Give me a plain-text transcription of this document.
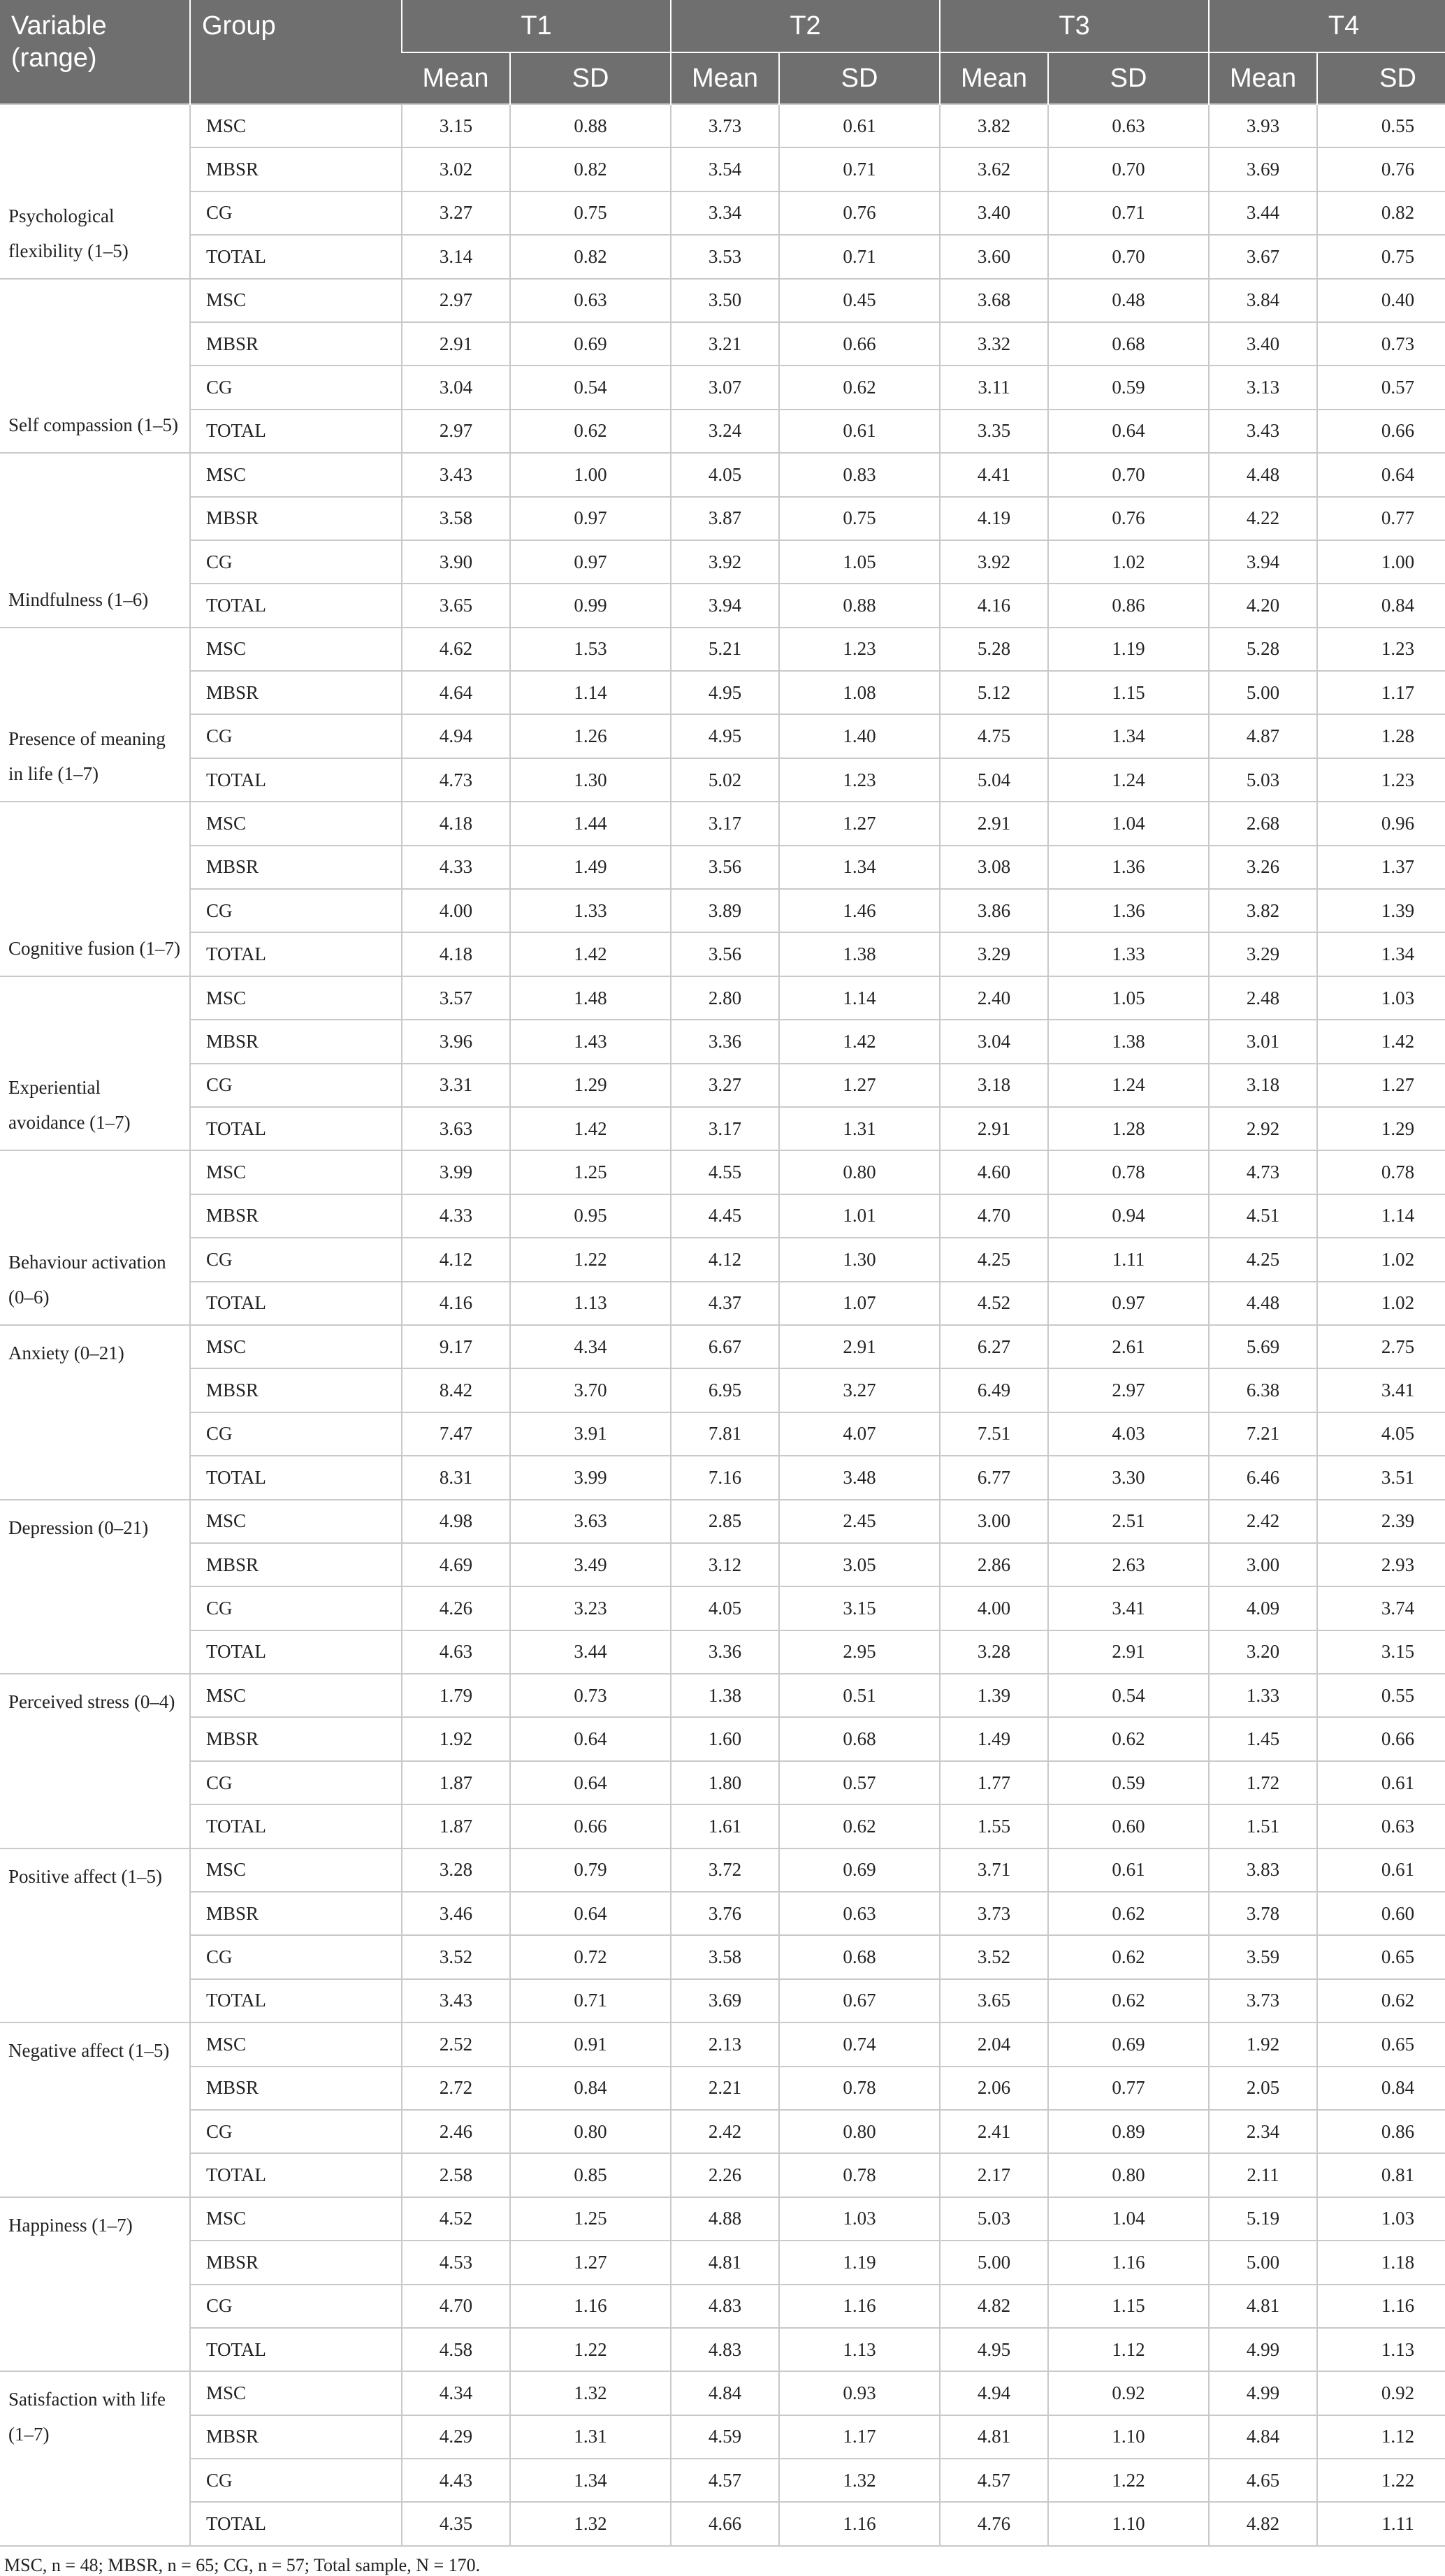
Variable (range)	Group	T1		T2		T3		T4	
		Mean	SD	Mean	SD	Mean	SD	Mean	SD
Psychological flexibility (1–5)	MSC	3.15	0.88	3.73	0.61	3.82	0.63	3.93	0.55
	MBSR	3.02	0.82	3.54	0.71	3.62	0.70	3.69	0.76
	CG	3.27	0.75	3.34	0.76	3.40	0.71	3.44	0.82
	TOTAL	3.14	0.82	3.53	0.71	3.60	0.70	3.67	0.75
Self compassion (1–5)	MSC	2.97	0.63	3.50	0.45	3.68	0.48	3.84	0.40
	MBSR	2.91	0.69	3.21	0.66	3.32	0.68	3.40	0.73
	CG	3.04	0.54	3.07	0.62	3.11	0.59	3.13	0.57
	TOTAL	2.97	0.62	3.24	0.61	3.35	0.64	3.43	0.66
Mindfulness (1–6)	MSC	3.43	1.00	4.05	0.83	4.41	0.70	4.48	0.64
	MBSR	3.58	0.97	3.87	0.75	4.19	0.76	4.22	0.77
	CG	3.90	0.97	3.92	1.05	3.92	1.02	3.94	1.00
	TOTAL	3.65	0.99	3.94	0.88	4.16	0.86	4.20	0.84
Presence of meaning in life (1–7)	MSC	4.62	1.53	5.21	1.23	5.28	1.19	5.28	1.23
	MBSR	4.64	1.14	4.95	1.08	5.12	1.15	5.00	1.17
	CG	4.94	1.26	4.95	1.40	4.75	1.34	4.87	1.28
	TOTAL	4.73	1.30	5.02	1.23	5.04	1.24	5.03	1.23
Cognitive fusion (1–7)	MSC	4.18	1.44	3.17	1.27	2.91	1.04	2.68	0.96
	MBSR	4.33	1.49	3.56	1.34	3.08	1.36	3.26	1.37
	CG	4.00	1.33	3.89	1.46	3.86	1.36	3.82	1.39
	TOTAL	4.18	1.42	3.56	1.38	3.29	1.33	3.29	1.34
Experiential avoidance (1–7)	MSC	3.57	1.48	2.80	1.14	2.40	1.05	2.48	1.03
	MBSR	3.96	1.43	3.36	1.42	3.04	1.38	3.01	1.42
	CG	3.31	1.29	3.27	1.27	3.18	1.24	3.18	1.27
	TOTAL	3.63	1.42	3.17	1.31	2.91	1.28	2.92	1.29
Behaviour activation (0–6)	MSC	3.99	1.25	4.55	0.80	4.60	0.78	4.73	0.78
	MBSR	4.33	0.95	4.45	1.01	4.70	0.94	4.51	1.14
	CG	4.12	1.22	4.12	1.30	4.25	1.11	4.25	1.02
	TOTAL	4.16	1.13	4.37	1.07	4.52	0.97	4.48	1.02
Anxiety (0–21)	MSC	9.17	4.34	6.67	2.91	6.27	2.61	5.69	2.75
	MBSR	8.42	3.70	6.95	3.27	6.49	2.97	6.38	3.41
	CG	7.47	3.91	7.81	4.07	7.51	4.03	7.21	4.05
	TOTAL	8.31	3.99	7.16	3.48	6.77	3.30	6.46	3.51
Depression (0–21)	MSC	4.98	3.63	2.85	2.45	3.00	2.51	2.42	2.39
	MBSR	4.69	3.49	3.12	3.05	2.86	2.63	3.00	2.93
	CG	4.26	3.23	4.05	3.15	4.00	3.41	4.09	3.74
	TOTAL	4.63	3.44	3.36	2.95	3.28	2.91	3.20	3.15
Perceived stress (0–4)	MSC	1.79	0.73	1.38	0.51	1.39	0.54	1.33	0.55
	MBSR	1.92	0.64	1.60	0.68	1.49	0.62	1.45	0.66
	CG	1.87	0.64	1.80	0.57	1.77	0.59	1.72	0.61
	TOTAL	1.87	0.66	1.61	0.62	1.55	0.60	1.51	0.63
Positive affect (1–5)	MSC	3.28	0.79	3.72	0.69	3.71	0.61	3.83	0.61
	MBSR	3.46	0.64	3.76	0.63	3.73	0.62	3.78	0.60
	CG	3.52	0.72	3.58	0.68	3.52	0.62	3.59	0.65
	TOTAL	3.43	0.71	3.69	0.67	3.65	0.62	3.73	0.62
Negative affect (1–5)	MSC	2.52	0.91	2.13	0.74	2.04	0.69	1.92	0.65
	MBSR	2.72	0.84	2.21	0.78	2.06	0.77	2.05	0.84
	CG	2.46	0.80	2.42	0.80	2.41	0.89	2.34	0.86
	TOTAL	2.58	0.85	2.26	0.78	2.17	0.80	2.11	0.81
Happiness (1–7)	MSC	4.52	1.25	4.88	1.03	5.03	1.04	5.19	1.03
	MBSR	4.53	1.27	4.81	1.19	5.00	1.16	5.00	1.18
	CG	4.70	1.16	4.83	1.16	4.82	1.15	4.81	1.16
	TOTAL	4.58	1.22	4.83	1.13	4.95	1.12	4.99	1.13
Satisfaction with life (1–7)	MSC	4.34	1.32	4.84	0.93	4.94	0.92	4.99	0.92
	MBSR	4.29	1.31	4.59	1.17	4.81	1.10	4.84	1.12
	CG	4.43	1.34	4.57	1.32	4.57	1.22	4.65	1.22
	TOTAL	4.35	1.32	4.66	1.16	4.76	1.10	4.82	1.11
MSC, n = 48; MBSR, n = 65; CG, n = 57; Total sample, N = 170.
